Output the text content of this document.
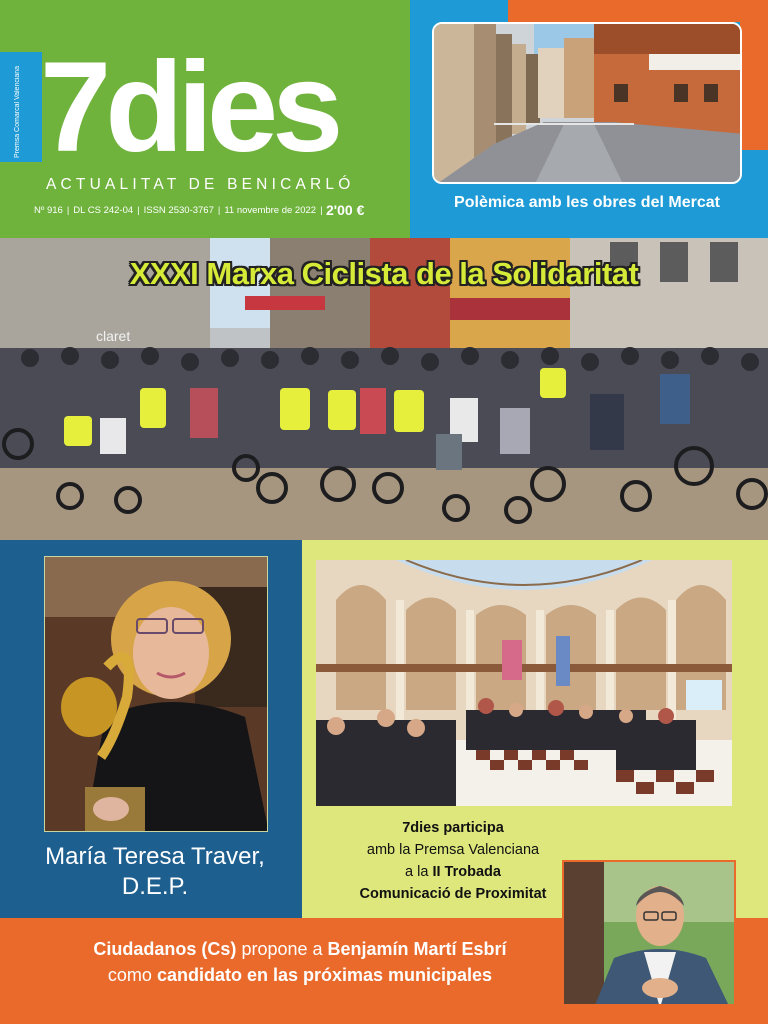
Premsa Comarcal Valenciana 7dies
ACTUALITAT DE BENICARLÓ
Nº 916 | DL CS 242-04 | ISSN 2530-3767 | 11 novembre de 2022 | 2'00 €	Polèmica amb les obres del Mercat
claret
XXXI Marxa Ciclista de la Solidaritat
María Teresa Traver,
D.E.P.
7dies participa
amb la Premsa Valenciana
a la II Trobada
Comunicació de Proximitat
Ciudadanos (Cs) propone a Benjamín Martí Esbrí
como candidato en las próximas municipales
